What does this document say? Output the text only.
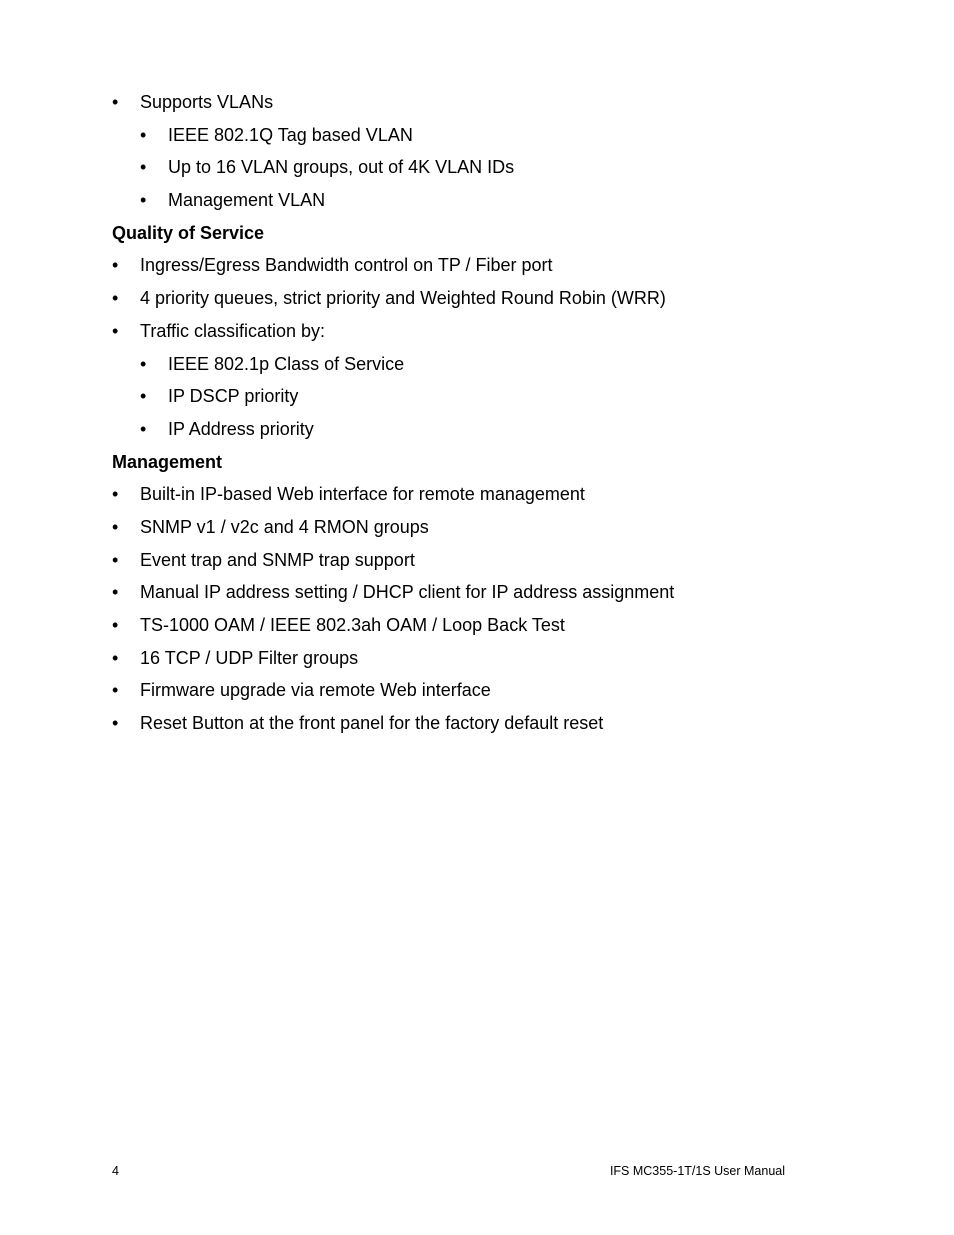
• Supports VLANs
• IEEE 802.1Q Tag based VLAN
• Up to 16 VLAN groups, out of 4K VLAN IDs
• Management VLAN
Quality of Service
• Ingress/Egress Bandwidth control on TP / Fiber port
• 4 priority queues, strict priority and Weighted Round Robin (WRR)
• Traffic classification by:
• IEEE 802.1p Class of Service
• IP DSCP priority
• IP Address priority
Management
• Built-in IP-based Web interface for remote management
• SNMP v1 / v2c and 4 RMON groups
• Event trap and SNMP trap support
• Manual IP address setting / DHCP client for IP address assignment
• TS-1000 OAM / IEEE 802.3ah OAM / Loop Back Test
• 16 TCP / UDP Filter groups
• Firmware upgrade via remote Web interface
• Reset Button at the front panel for the factory default reset
4	IFS MC355-1T/1S User Manual
